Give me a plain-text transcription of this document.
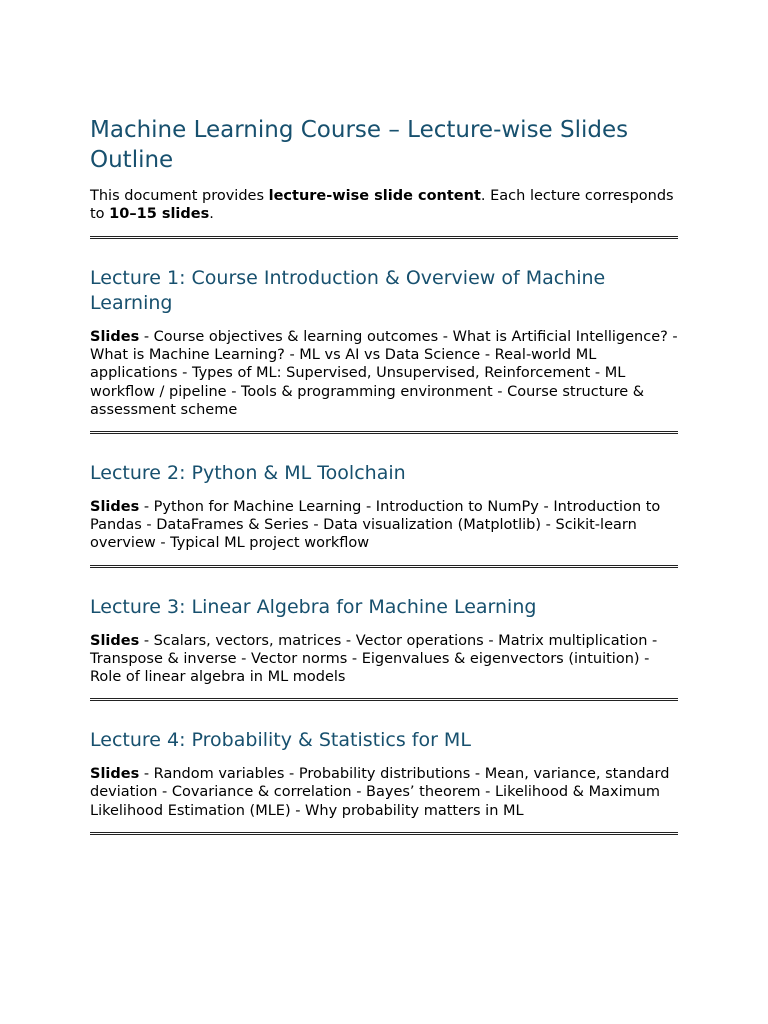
Machine Learning Course – Lecture-wise Slides Outline

This document provides lecture-wise slide content. Each lecture corresponds to 10–15 slides.

Lecture 1: Course Introduction & Overview of Machine Learning

Slides - Course objectives & learning outcomes - What is Artificial Intelligence? - What is Machine Learning? - ML vs AI vs Data Science - Real-world ML applications - Types of ML: Supervised, Unsupervised, Reinforcement - ML workflow / pipeline - Tools & programming environment - Course structure & assessment scheme

Lecture 2: Python & ML Toolchain

Slides - Python for Machine Learning - Introduction to NumPy - Introduction to Pandas - DataFrames & Series - Data visualization (Matplotlib) - Scikit-learn overview - Typical ML project workflow

Lecture 3: Linear Algebra for Machine Learning

Slides - Scalars, vectors, matrices - Vector operations - Matrix multiplication - Transpose & inverse - Vector norms - Eigenvalues & eigenvectors (intuition) - Role of linear algebra in ML models

Lecture 4: Probability & Statistics for ML

Slides - Random variables - Probability distributions - Mean, variance, standard deviation - Covariance & correlation - Bayes’ theorem - Likelihood & Maximum Likelihood Estimation (MLE) - Why probability matters in ML
